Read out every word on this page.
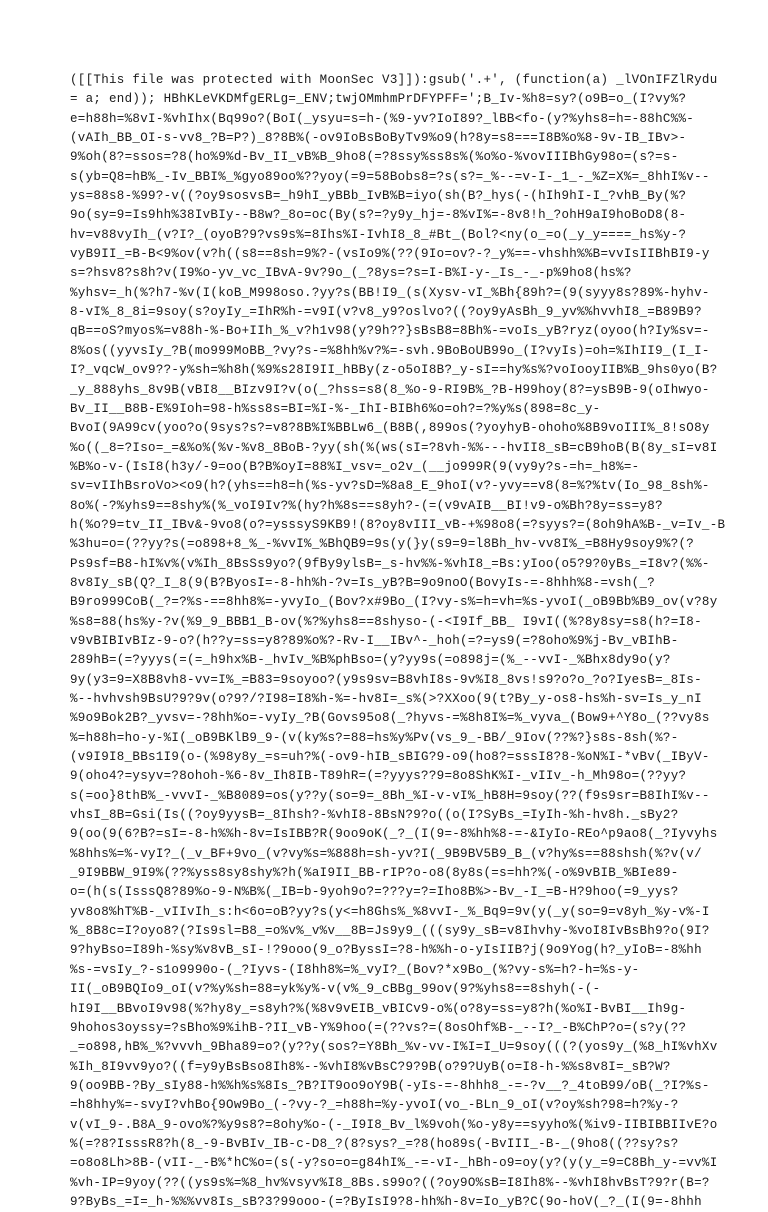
([[This file was protected with MoonSec V3]]):gsub('.+', (function(a) _lVOnIFZlRydu
= a; end)); HBhKLeVKDMfgERLg=_ENV;twjOMmhmPrDFYPFF=';B_Iv-%h8=sy?(o9B=o_(I?vy%?
e=h88h=%8vI-%vhIhx(Bq99o?(BoI(_ysyu=s=h-(%9-yv?IoI89?_lBB<fo-(y?%yhs8=h=-88hC%%-
(vAIh_BB_OI-s-vv8_?B=P?)_8?8B%(-ov9IoBsBoByTv9%o9(h?8y=s8===I8B%o%8-9v-IB_IBv>-
9%oh(8?=ssos=?8(ho%9%d-Bv_II_vB%B_9ho8(=?8ssy%ss8s%(%o%o-%vovIIIBhGy98o=(s?=s-
s(yb=Q8=hB%_-Iv_BBI%_%gyo89oo%??yoy(=9=58Bobs8=?s(s?=_%--=v-I-_1_-_%Z=X%=_8hhI%v--
ys=88s8-%99?-v((?oy9sosvsB=_h9hI_yBBb_IvB%B=iyo(sh(B?_hys(-(hIh9hI-I_?vhB_By(%?
9o(sy=9=Is9hh%38IvBIy--B8w?_8o=oc(By(s?=?y9y_hj=-8%vI%=-8v8!h_?ohH9aI9hoBoD8(8-
hv=v88vyIh_(v?I?_(oyoB?9?vs9s%=8Ihs%I-IvhI8_8_#Bt_(Bol?<ny(o_=o(_y_y====_hs%y-?
vyB9II_=B-B<9%ov(v?h((s8==8sh=9%?-(vsIo9%(??(9Io=ov?-?_y%==-vhshh%%B=vvIsIIBhBI9-y
s=?hsv8?s8h?v(I9%o-yv_vc_IBvA-9v?9o_(_?8ys=?s=I-B%I-y-_Is_-_-p%9ho8(hs%?
%yhsv=_h(%?h7-%v(I(koB_M998oso.?yy?s(BB!I9_(s(Xysv-vI_%Bh{89h?=(9(syyy8s?89%-hyhv-
8-vI%_8_8i=9soy(s?oyIy_=IhR%h-=v9I(v?v8_y9?oslvo?((?oy9yAsBh_9_yv%%hvvhI8_=B89B9?
qB==oS?myos%=v88h-%-Bo+IIh_%_v?h1v98(y?9h??}sBsB8=8Bh%-=voIs_yB?ryz(oyoo(h?Iy%sv=-
8%os((yyvsIy_?B(mo999MoBB_?vy?s-=%8hh%v?%=-svh.9BoBoUB99o_(I?vyIs)=oh=%IhII9_(I_I-
I?_vqcW_ov9??-y%sh=%h8h(%9%s28I9II_hBBy(z-o5oI8B?_y-sI==hy%s%?voIooyIIB%B_9hs0yo(B?
_y_888yhs_8v9B(vBI8__BIzv9I?v(o(_?hss=s8(8_%o-9-RI9B%_?B-H99hoy(8?=ysB9B-9(oIhwyo-
Bv_II__B8B-E%9Ioh=98-h%ss8s=BI=%I-%-_IhI-BIBh6%o=oh?=?%y%s(898=8c_y-
BvoI(9A99cv(yoo?o(9sys?s?=v8?8B%I%BBLw6_(B8B(,899os(?yoyhyB-ohoho%8B9voIII%_8!sO8y
%o((_8=?Iso=_=&%o%(%v-%v8_8BoB-?yy(sh(%(ws(sI=?8vh-%%---hvII8_sB=cB9hoB(B(8y_sI=v8I
%B%o-v-(IsI8(h3y/-9=oo(B?B%oyI=88%I_vsv=_o2v_(__jo999R(9(vy9y?s-=h=_h8%=-
sv=vIIhBsroVo><o9(h?(yhs==h8=h(%s-yv?sD=%8a8_E_9hoI(v?-yvy==v8(8=%?%tv(Io_98_8sh%-
8o%(-?%yhs9==8shy%(%_voI9Iv?%(hy?h%8s==s8yh?-(=(v9vAIB__BI!v9-o%Bh?8y=ss=y8?
h(%o?9=tv_II_IBv&-9vo8(o?=ysssyS9KB9!(8?oy8vIII_vB-+%98o8(=?syys?=(8oh9hA%B-_v=Iv_-B
%3hu=o=(??yy?s(=o898+8_%_-%vvI%_%BhQB9=9s(y(}y(s9=9=l8Bh_hv-vv8I%_=B8Hy9soy9%?(?
Ps9sf=B8-hI%v%(v%Ih_8BsSs9yo?(9fBy9ylsB=_s-hv%%-%vhI8_=Bs:yIoo(o5?9?0yBs_=I8v?(%%-
8v8Iy_sB(Q?_I_8(9(B?ByosI=-8-hh%h-?v=Is_yB?B=9o9noO(BovyIs-=-8hhh%8-=vsh(_?
B9ro999CoB(_?=?%s-==8hh8%=-yvyIo_(Bov?x#9Bo_(I?vy-s%=h=vh=%s-yvoI(_oB9Bb%B9_ov(v?8y
%s8=88(hs%y-?v(%9_9_BBB1_B-ov(%?%yhs8==8shyso-(-<I9If_BB_ I9vI((%?8y8sy=s8(h?=I8-
v9vBIBIvBIz-9-o?(h??y=ss=y8?89%o%?-Rv-I__IBv^-_hoh(=?=ys9(=?8oho%9%j-Bv_vBIhB-
289hB=(=?yyys(=(=_h9hx%B-_hvIv_%B%phBso=(y?yy9s(=o898j=(%_--vvI-_%Bhx8dy9o(y?
9y(y3=9=X8B8vh8-vv=I%_=B83=9soyoo?(y9s9sv=B8vhI8s-9v%I8_8vs!s9?o?o_?o?IyesB=_8Is-
%--hvhvsh9BsU?9?9v(o?9?/?I98=I8%h-%=-hv8I=_s%(>?XXoo(9(t?By_y-os8-hs%h-sv=Is_y_nI
%9o9Bok2B?_yvsv=-?8hh%o=-vyIy_?B(Govs95o8(_?hyvs-=%8h8I%=%_vyva_(Bow9+^Y8o_(??vy8s
%=h88h=ho-y-%I(_oB9BKlB9_9-(v(ky%s?=88=hs%y%Pv(vs_9_-BB/_9Iov(??%?}s8s-8sh(%?-
(v9I9I8_BBs1I9(o-(%98y8y_=s=uh?%(-ov9-hIB_sBIG?9-o9(ho8?=sssI8?8-%oN%I-*vBv(_IByV-
9(oho4?=ysyv=?8ohoh-%6-8v_Ih8IB-T89hR=(=?yyys??9=8o8ShK%I-_vIIv_-h_Mh98o=(??yy?
s(=oo}8thB%_-vvvI-_%B8089=os(y??y(so=9=_8Bh_%I-v-vI%_hB8H=9soy(??(f9s9sr=B8IhI%v--
vhsI_8B=Gsi(Is((?oy9yysB=_8Ihsh?-%vhI8-8BsN?9?o((o(I?SyBs_=IyIh-%h-hv8h._sBy2?
9(oo(9(6?B?=sI=-8-h%%h-8v=IsIBB?R(9oo9oK(_?_(I(9=-8%hh%8-=-&IyIo-REo^p9ao8(_?Iyvyhs
%8hhs%=%-vyI?_(_v_BF+9vo_(v?vy%s=%888h=sh-yv?I(_9B9BV5B9_B_(v?hy%s==88shsh(%?v(v/
_9I9BBW_9I9%(??%yss8sy8shy%?h(%aI9II_BB-rIP?o-o8(8y8s(=s=hh?%(-o%9vBIB_%BIe89-
o=(h(s(IsssQ8?89%o-9-N%B%(_IB=b-9yoh9o?=???y=?=Iho8B%>-Bv_-I_=B-H?9hoo(=9_yys?
yv8o8%hT%B-_vIIvIh_s:h<6o=oB?yy?s(y<=h8Ghs%_%8vvI-_%_Bq9=9v(y(_y(so=9=v8yh_%y-v%-I
%_8B8c=I?oyo8?(?Is9sl=B8_=o%v%_v%v__8B=Js9y9_(((sy9y_sB=v8Ihvhy-%voI8IvBsBh9?o(9I?
9?hyBso=I89h-%sy%v8vB_sI-!?9ooo(9_o?ByssI=?8-h%%h-o-yIsIIB?j(9o9Yog(h?_yIoB=-8%hh
%s-=vsIy_?-s1o9990o-(_?Iyvs-(I8hh8%=%_vyI?_(Bov?*x9Bo_(%?vy-s%=h?-h=%s-y-
II(_oB9BQIo9_oI(v?%y%sh=88=yk%y%-v(v%_9_cBBg_99ov(9?%yhs8==8shyh(-(-
hI9I__BBvoI9v98(%?hy8y_=s8yh?%(%8v9vEIB_vBICv9-o%(o?8y=ss=y8?h(%o%I-BvBI__Ih9g-
9hohos3oyssy=?sBho%9%ihB-?II_vB-Y%9hoo(=(??vs?=(8osOhf%B-_--I?_-B%ChP?o=(s?y(??
_=o898,hB%_%?vvvh_9Bha89=o?(y??y(sos?=Y8Bh_%v-vv-I%I=I_U=9soy(((?(yos9y_(%8_hI%vhXv
%Ih_8I9vv9yo?((f=y9yBsBso8Ih8%--%vhI8%vBsC?9?9B(o?9?UyB(o=I8-h-%%s8v8I=_sB?W?
9(oo9BB-?By_sIy88-h%%h%s%8Is_?B?IT9oo9oY9B(-yIs-=-8hhh8_-=-?v__?_4toB99/oB(_?I?%s-
=h8hhy%=-svyI?vhBo{9Ow9Bo_(-?vy-?_=h88h=%y-yvoI(vo_-BLn_9_oI(v?oy%sh?98=h?%y-?
v(vI_9-.B8A_9-ovo%?%y9s8?=8ohy%o-(-_I9I8_Bv_l%9voh(%o-y8y==syyho%(%iv9-IIBIBBIIvE?o
%(=?8?IsssR8?h(8_-9-BvBIv_IB-c-D8_?(8?sys?_=?8(ho89s(-BvIII_-B-_(9ho8((??sy?s?
=o8o8Lh>8B-(vII-_-B%*hC%o=(s(-y?so=o=g84hI%_-=-vI-_hBh-o9=oy(y?(y(y_=9=C8Bh_y-=vv%I
%vh-IP=9yoy(??((ys9s%=%8_hv%vsyv%I8_8Bs.s99o?((?oy9O%sB=I8Ih8%--%vhI8hvBsT?9?r(B=?
9?ByBs_=I=_h-%%%vv8Is_sB?3?99ooo-(=?ByIsI9?8-hh%h-8v=Io_yB?C(9o-hoV(_?_(I(9=-8hhh
